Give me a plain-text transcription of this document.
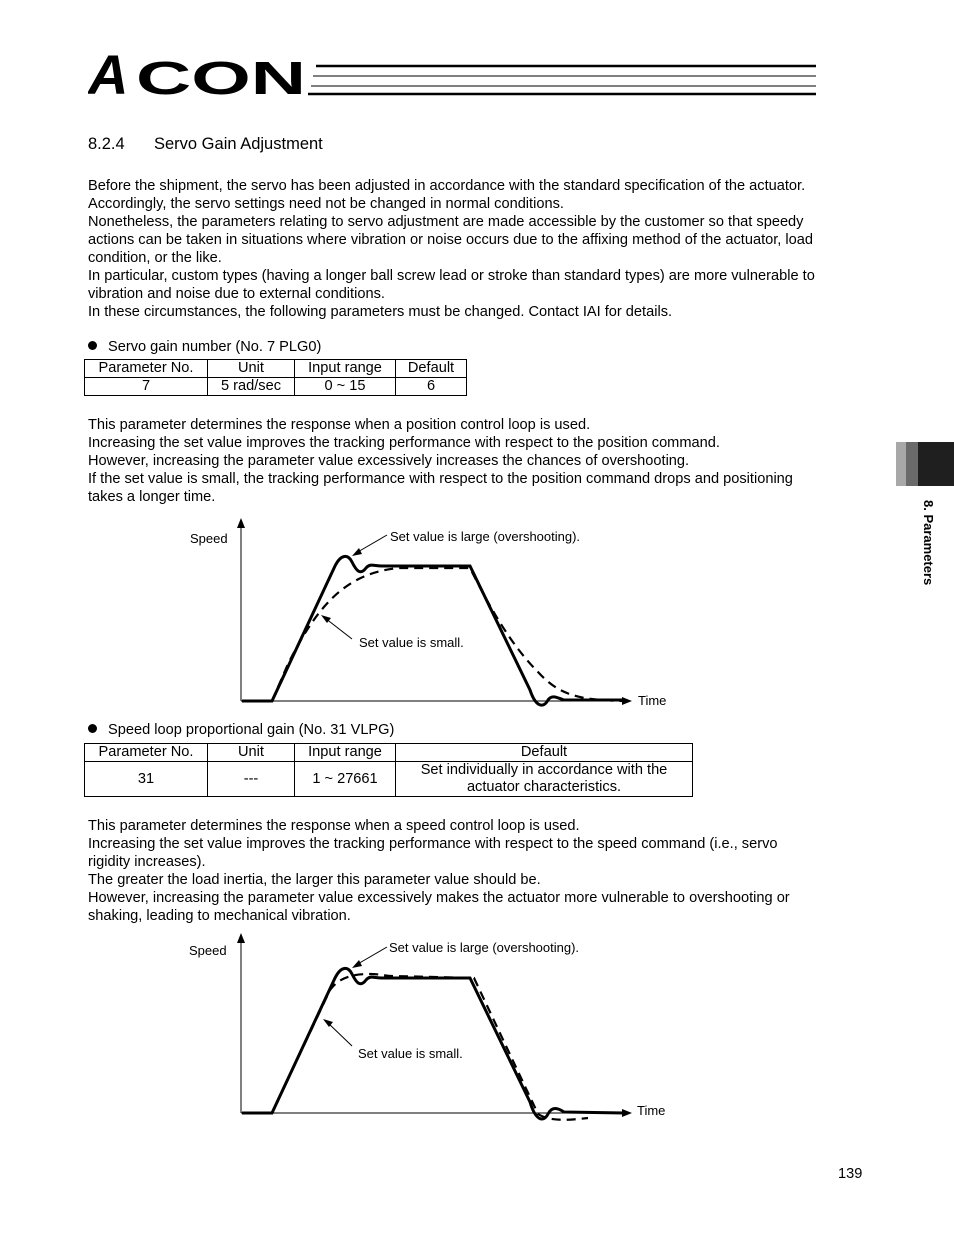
A CON
8.2.4 Servo Gain Adjustment
Before the shipment, the servo has been adjusted in accordance with the standard specification of the actuator.
Accordingly, the servo settings need not be changed in normal conditions.
Nonetheless, the parameters relating to servo adjustment are made accessible by the customer so that speedy
actions can be taken in situations where vibration or noise occurs due to the affixing method of the actuator, load
condition, or the like.
In particular, custom types (having a longer ball screw lead or stroke than standard types) are more vulnerable to
vibration and noise due to external conditions.
In these circumstances, the following parameters must be changed. Contact IAI for details.
Servo gain number (No. 7 PLG0)
Parameter No.	Unit	Input range	Default
7	5 rad/sec	0 ~ 15	6
This parameter determines the response when a position control loop is used.
Increasing the set value improves the tracking performance with respect to the position command.
However, increasing the parameter value excessively increases the chances of overshooting.
If the set value is small, the tracking performance with respect to the position command drops and positioning
takes a longer time.
Speed
Time
Set value is large (overshooting).
Set value is small.
Speed loop proportional gain (No. 31 VLPG)
Parameter No.	Unit	Input range	Default
31	---	1 ~ 27661	Set individually in accordance with the
actuator characteristics.
This parameter determines the response when a speed control loop is used.
Increasing the set value improves the tracking performance with respect to the speed command (i.e., servo
rigidity increases).
The greater the load inertia, the larger this parameter value should be.
However, increasing the parameter value excessively makes the actuator more vulnerable to overshooting or
shaking, leading to mechanical vibration.
Speed
Time
Set value is large (overshooting).
Set value is small.
8. Parameters
139
